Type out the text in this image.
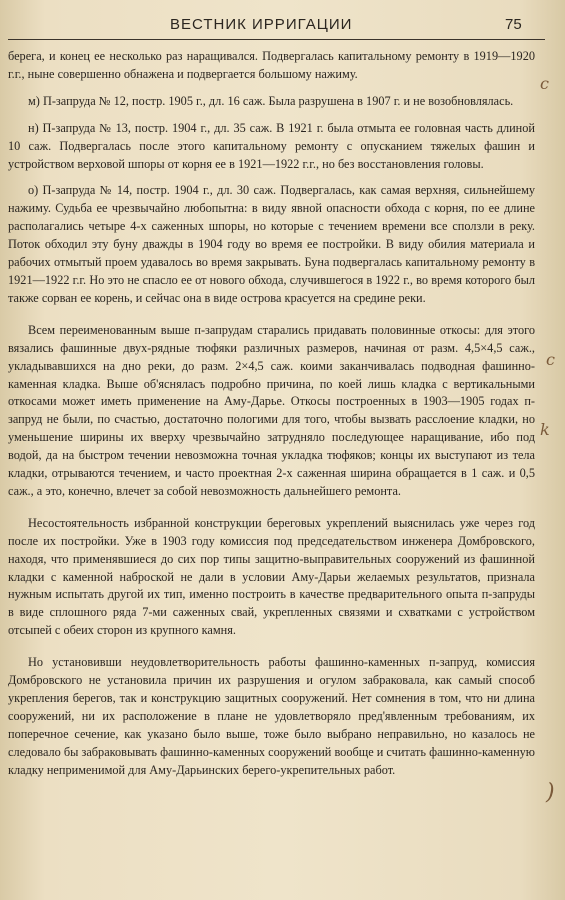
ВЕСТНИК ИРРИГАЦИИ	75

берега, и конец ее несколько раз наращивался. Подвергалась капитальному ремонту в 1919—1920 г.г., ныне совершенно обнажена и подвергается большому нажиму.

м) П-запруда № 12, постр. 1905 г., дл. 16 саж. Была разрушена в 1907 г. и не возобновлялась.

н) П-запруда № 13, постр. 1904 г., дл. 35 саж. В 1921 г. была отмыта ее головная часть длиной 10 саж. Подвергалась после этого капитальному ремонту с опусканием тяжелых фашин и устройством верховой шпоры от корня ее в 1921—1922 г.г., но без восстановления головы.

о) П-запруда № 14, постр. 1904 г., дл. 30 саж. Подвергалась, как самая верхняя, сильнейшему нажиму. Судьба ее чрезвычайно любопытна: в виду явной опасности обхода с корня, по ее длине располагались четыре 4-х саженных шпоры, но которые с течением времени все сползли в реку. Поток обходил эту буну дважды в 1904 году во время ее постройки. В виду обилия материала и рабочих отмытый проем удавалось во время закрывать. Буна подвергалась капитальному ремонту в 1921—1922 г.г. Но это не спасло ее от нового обхода, случившегося в 1922 г., во время которого был также сорван ее корень, и сейчас она в виде острова красуется на средине реки.

Всем переименованным выше п-запрудам старались придавать половинные откосы: для этого вязались фашинные двух-рядные тюфяки различных размеров, начиная от разм. 4,5×4,5 саж., укладывавшихся на дно реки, до разм. 2×4,5 саж. коими заканчивалась подводная фашинно-каменная кладка. Выше об'ясняласъ подробно причина, по коей лишь кладка с вертикальными откосами может иметь применение на Аму-Дарье. Откосы построенных в 1903—1905 годах п-запруд не были, по счастью, достаточно пологими для того, чтобы вызвать расслоение кладки, но уменьшение ширины их вверху чрезвычайно затрудняло последующее наращивание, ибо под водой, да на быстром течении невозможна точная укладка тюфяков; концы их выступают из тела кладки, отрываются течением, и часто проектная 2-х саженная ширина обращается в 1 саж. и 0,5 саж., а это, конечно, влечет за собой невозможность дальнейшего ремонта.

Несостоятельность избранной конструкции береговых укреплений выяснилась уже через год после их постройки. Уже в 1903 году комиссия под председательством инженера Домбровского, находя, что применявшиеся до сих пор типы защитно-выправительных сооружений из фашинной кладки с каменной наброской не дали в условии Аму-Дарьи желаемых результатов, признала нужным испытать другой их тип, именно построить в качестве предварительного опыта п-запруды в виде сплошного ряда 7-ми саженных свай, укрепленных связями и схватками с устройством отсыпей с обеих сторон из крупного камня.

Но установивши неудовлетворительность работы фашинно-каменных п-запруд, комиссия Домбровского не установила причин их разрушения и огулом забраковала, как самый способ укрепления берегов, так и конструкцию защитных сооружений. Нет сомнения в том, что ни длина сооружений, ни их расположение в плане не удовлетворяло пред'явленным требованиям, их поперечное сечение, как указано было выше, тоже было выбрано неправильно, но казалось не следовало бы забраковывать фашинно-каменных сооружений вообще и считать фашинно-каменную кладку неприменимой для Аму-Дарьинских берего-укрепительных работ.

c
c
k
)
